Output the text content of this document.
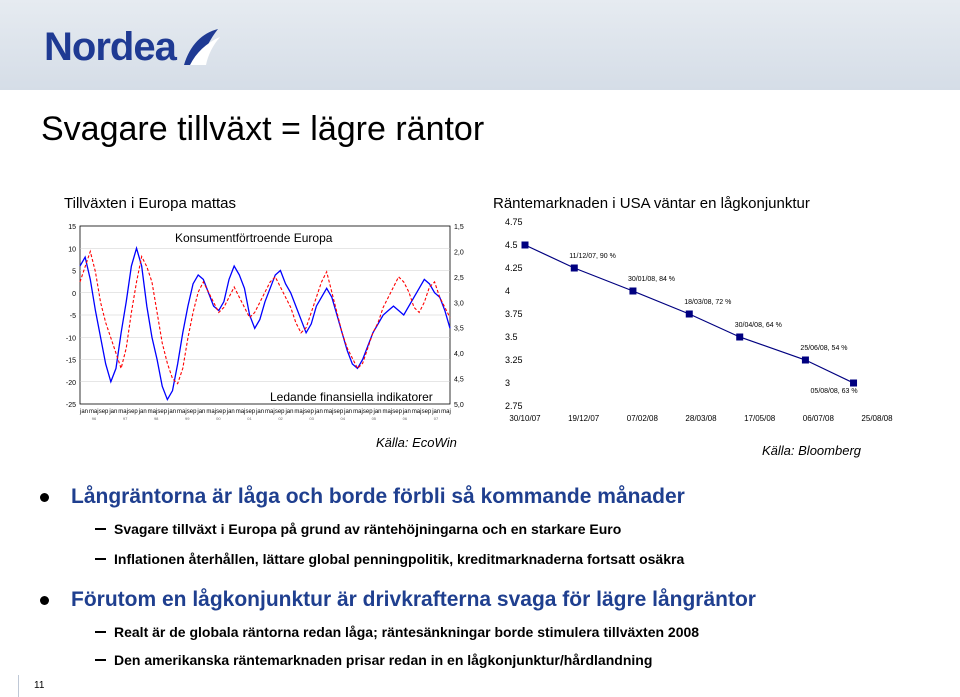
Nordea
Svagare tillväxt = lägre räntor
Tillväxten i Europa mattas
15
10
5
0
-5
-10
-15
-20
-25
1,5
2,0
2,5
3,0
3,5
4,0
4,5
5,0
jan maj sep jan maj sep jan maj sep jan maj sep jan maj sep jan maj sep jan maj sep jan maj sep jan maj sep jan maj sep jan maj sep jan maj sep jan maj
96	97	98	99	00	01	02	03	04	05	06	07
Konsumentförtroende Europa
Ledande finansiella indikatorer
Källa: EcoWin
Räntemarknaden i USA väntar en lågkonjunktur
4.75
4.5
4.25
4
3.75
3.5
3.25
3
2.75
30/10/07	19/12/07	07/02/08	28/03/08	17/05/08	06/07/08	25/08/08
11/12/07, 90 %
30/01/08, 84 %
18/03/08, 72 %
30/04/08, 64 %
25/06/08, 54 %
05/08/08, 63 %
Källa: Bloomberg
Långräntorna är låga och borde förbli så kommande månader
Svagare tillväxt i Europa på grund av räntehöjningarna och en starkare Euro
Inflationen återhållen, lättare global penningpolitik, kreditmarknaderna fortsatt osäkra
Förutom en lågkonjunktur är drivkrafterna svaga för lägre långräntor
Realt är de globala räntorna redan låga; räntesänkningar borde stimulera tillväxten 2008
Den amerikanska räntemarknaden prisar redan in en lågkonjunktur/hårdlandning
11
